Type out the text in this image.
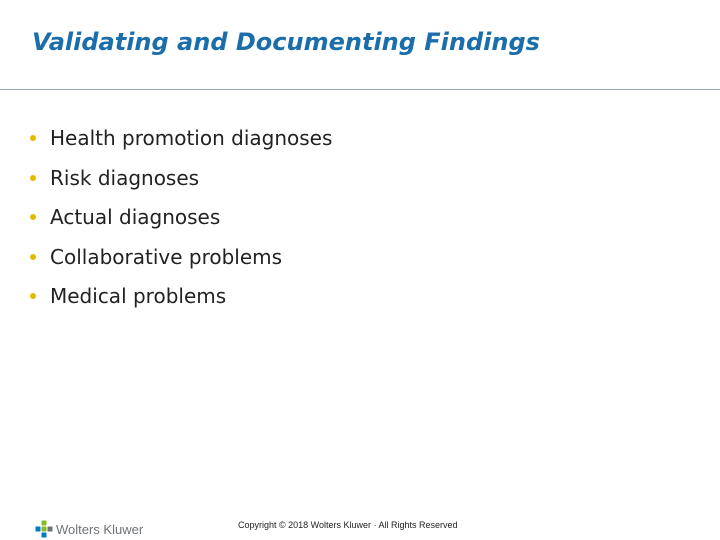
Validating and Documenting Findings
Health promotion diagnoses
Risk diagnoses
Actual diagnoses
Collaborative problems
Medical problems
Wolters Kluwer	Copyright © 2018 Wolters Kluwer · All Rights Reserved
